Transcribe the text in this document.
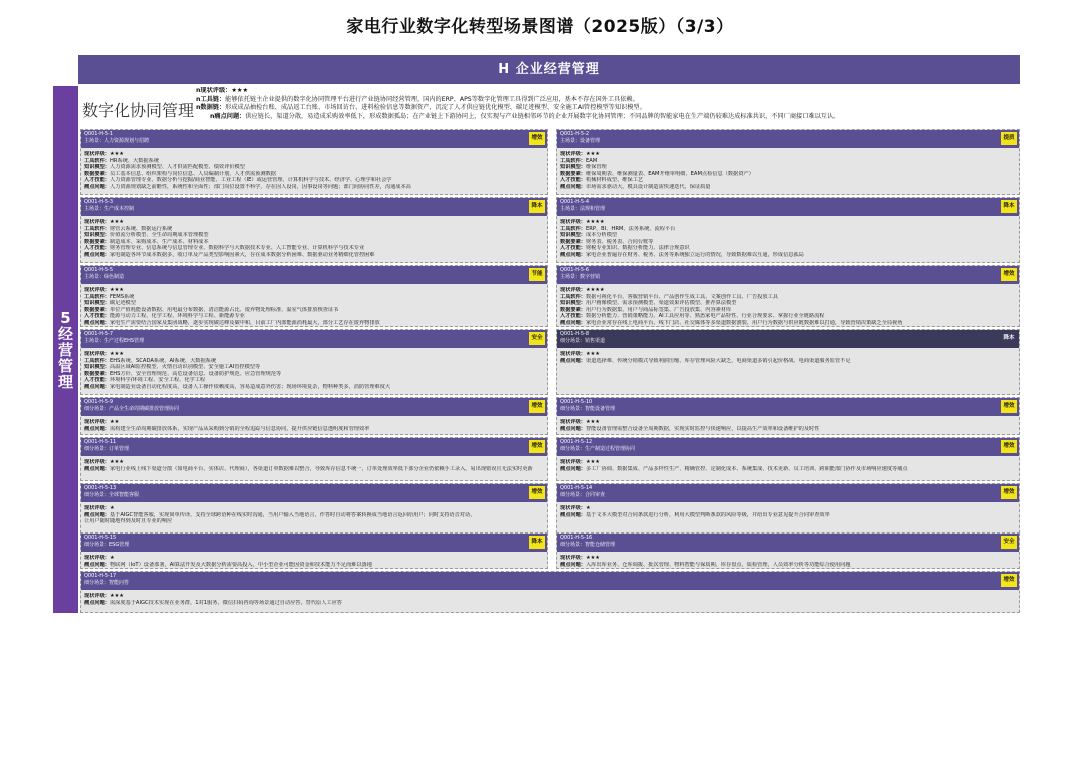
家电行业数字化转型场景图谱（2025版）（3/3）
H 企业经营管理
5
经
营
管
理
数字化协同管理
n现状评级：★★★
n工具链：能够依托链主企业提供的数字化协同管理平台进行产业链协同经营管理，国内的ERP、APS等数字化管理工具得到广泛应用，基本不存在国外工具依赖。
n数据链：形成成品抽检台账、成品返工台账、市场回访台、进料检验信息等数据资产，沉淀了人才供应链优化模型、碳足迹模型、安全施工AI管控模型等知识模型。
n痛点问题：供应链长，渠道分散，易造成采购效率低下，形成数据孤岛；在产业链上下游协同上，仅实现与产业链相邻环节的企业开展数字化协同管理；不同品牌的智能家电在生产端仍较难达成标准共识，不同厂商接口难以互认。
Q001-H-5-1
主场景：人力资源规划与招聘	增效
现状评级：★★★
工具软件：HR系统、大数据系统
知识模型：人力资源需求预测模型、人才供需匹配模型、绩效评价模型
数据要素：员工基本信息、组织架构与岗位信息、人员编制计划、人才供需预测数据
人才技能：人力资源管理专业、数据分析与挖掘/商业智能、工业工程（IE）或运营管理、计算机科学与技术、经济学、心理学和社会学
痛点问题：人力资源规划缺乏前瞻性，系统性和全面性；部门岗位设置不科学，存在因人设岗，因事设岗等问题；部门间协同性差，沟通成本高
Q001-H-5-2
主场景：设备管理	提质
现状评级：★★★
工具软件：EAM
知识模型：维保管理
数据要素：维保周期表、维保测量表、EAM开维单明细、EAM点检信息（数据资产）
人才技能：机械材料成型、维保工艺
痛点问题：市场需求驱动大，模具设计制造需快速迭代，保证质量
Q001-H-5-3
主场景：生产成本控制	降本
现状评级：★★★
工具软件：财管云系统、数据运行系统
知识模型：价值流分析模型、全生命周期成本管理模型
数据要素：制造成本、采购成本、生产成本、材料成本
人才技能：财务管理专业、信息系统与信息管理专业、数据科学与大数据技术专业、人工智能专业、计算机科学与技术专业
痛点问题：家电制造各环节成本数据多，收订单及产品类型影响因素大，存在成本数据分析困难、数据驱动业务精细化管控困难
Q001-H-5-4
主场景：法规和管理	降本
现状评级：★★★★
工具软件：ERP、BI、HRM、法务系统、流程平台
知识模型：成本分析模型
数据要素：财务表、税务表、合同台账等
人才技能：财税专业知识、数据分析能力、法律合规意识
痛点问题：家电企业普遍存在财务、税务、法务等系统独立运行的情况，导致数据难以互通，形成信息孤岛
Q001-H-5-5
主场景：绿色制造	节能
现状评级：★★★
工具软件：FEMS系统
知识模型：碳足迹模型
数据要素：单位产值耗能设备数据、用电最分布数据、清洁能源占比、废弃物处理标准、温室气体排放核查证书
人才技能：能源与动力工程、化学工程、环境科学与工程、新能源专业
痛点问题：家电生产需要结合国家及集团战略，逐步实现碳达峰及碳中和，目前工厂内部能源消耗最大，部分工艺存在废弃物排放
Q001-H-5-6
主场景：数字营销	增效
现状评级：★★★★
工具软件：数据可视化平台、客服营销平台、产品创作生成工具、文案创作工具、广告投放工具
知识模型：用户画像模型、需求预测模型、渠道效果评估模型、推荐算法模型
数据要素：用户行为数据集、用户与商品标签集、广告投放集、内容素材库
人才技能：数据分析能力、营销策略能力、AI工具应用等、熟悉家电产品特性、行业合规要求、掌握行业全链路流程
痛点问题：家电企业常存在线上电商平台、线下门店、社交媒体等多渠道数据割裂，用户行为数据与供应链数据难以打通，导致营销决策缺乏全局视角
Q001-H-5-7
主场景：生产过程EHS管理	安全
现状评级：★★★
工具软件：EHS系统、SCADA系统、AI系统、大数据系统
知识模型：高温区域AI监控模型、火情自动识别模型、安全施工AI管控模型等
数据要素：EHS方针、安全管理规范、高危设备信息、设备防护规范、应急管理规范等
人才技能：环境科学/环境工程、安全工程、化学工程
痛点问题：家电制造业设备自动化程度高，设备人工操作依赖度高，容易造成意外伤害；现场环境复杂，物料种类多，消防管理难度大
Q001-H-5-8
细分场景：销售渠道	降本
现状评级：★★★
痛点问题：渠道选择难、传统分销模式导致利润压缩、库存管理风险大缺乏，电商渠道多销引起价格战、电商渠道服务监管不足
Q001-H-5-9
细分场景：产品全生命周期碳排放管理协同	增效
现状评级：★★
痛点问题：需构建全生命周期碳排放体系，实现产品从采购到分销的全程追踪与信息协同，提升供应链信息透明度和管理效率
Q001-H-5-10
细分场景：智能设备管理	增效
现状评级：★★★
痛点问题：智能设备管理需整合设备全周期数据，实现实时监控与快速响应，以提高生产效率和设备维护的及时性
Q001-H-5-11
细分场景：订单管理	增效
现状评级：★★★
痛点问题：家电行业线上线下渠道分散（如电商平台、实体店、代理商），各渠道订单数据难以整合，导致库存信息不统一，订单处理效率低下部分企业仍依赖手工录入，易出现错误且无法实时更新
Q001-H-5-12
细分场景：生产制造过程管理协同	增效
现状评级：★★★
痛点问题：多工厂协调、数据集成、产品多样性生产、精确管控、定制化成本、系统集成、技术更新、员工培训、跨职能部门协作及市场响应速度等痛点
Q001-H-5-13
细分场景：全球智能客服	增效
现状评级：★
痛点问题：基于AIGC智能客服，实现简单传译，支持全球跨语种在线实时沟通，当用户输入当地语言，作答时自动将答案转换成当地语言返回给用户；同时支持语音对话，
让用户随时随地得到及时且专业的响应
Q001-H-5-14
细分场景：合同审查	增效
现状评级：★
痛点问题：基于文本大模型对合同条款进行分析，利用大模型判断条款的风险等级，并给出专业意见提升合同审查效率
Q001-H-5-15
细分场景：ESG管理	降本
现状评级：★
痛点问题：物联网（IoT）设备部署，AI算法开发及大数据分析需要高投入，中小型企业可能因资金和技术能力不足而难以落地
Q001-H-5-16
细分场景：智能仓储管理	安全
现状评级：★★★
痛点问题：入库出库业务、仓库调拨、批次管理、物料智能与保质期、库存盘点、质检管理，人员效率分析等功能综合使用问题
Q001-H-5-17
细分场景：智能问答	增效
现状评级：★★★
痛点问题：需深度基于AIGC技术实现在业务群，1对1服务，微信扫码咨询等场景通过自动应答，替代原人工应答
